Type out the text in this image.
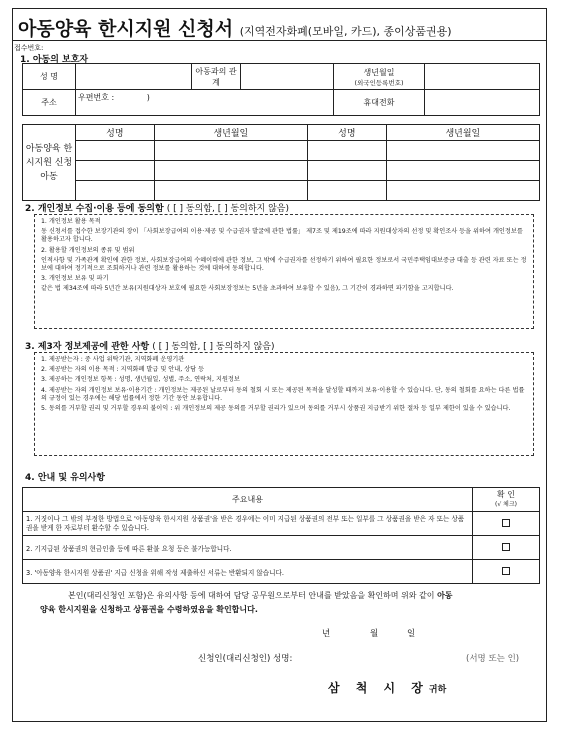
아동양육 한시지원 신청서 (지역전자화폐(모바일, 카드), 종이상품권용)
접수번호:
1. 아동의 보호자
성 명		아동과의 관계		생년월일
(외국인등록번호)	
주소	우편번호 : )			휴대전화	
아동양육 한시지원 신청아동	성명	생년월일	성명	생년월일

2. 개인정보 수집·이용 등에 동의함 ( [ ] 동의함, [ ] 동의하지 않음)

1. 개인정보 활용 목적

동 신청서를 접수한 보장기관의 장이 「사회보장급여의 이용·제공 및 수급권자 발굴에 관한 법률」 제7조 및 제19조에 따라 지원대상자의 선정 및 확인조사 등을 위하여 개인정보를 활용하고자 합니다.

2. 활용할 개인정보의 종류 및 범위

인적사항 및 가족관계 확인에 관한 정보, 사회보장급여의 수혜이력에 관한 정보, 그 밖에 수급권자를 선정하기 위하여 필요한 정보로서 국민주택임대보증금 대출 등 관련 자료 또는 정보에 대하여 정기적으로 조회하거나 관련 정보를 활용하는 것에 대하여 동의합니다.

3. 개인정보 보유 및 파기

같은 법 제34조에 따라 5년간 보유(지원대상자 보호에 필요한 사회보장정보는 5년을 초과하여 보유할 수 있음), 그 기간이 경과하면 파기함을 고지합니다.

3. 제3자 정보제공에 관한 사항 ( [ ] 동의함, [ ] 동의하지 않음)

1. 제공받는자 : 중 사업 위탁기관, 지역화폐 운영기관

2. 제공받는 자의 이용 목적 : 지역화폐 발급 및 안내, 상담 등

3. 제공하는 개인정보 항목 : 성명, 생년월일, 성별, 주소, 연락처, 지원정보

4. 제공받는 자의 개인정보 보유·이용기간 : 개인정보는 제공된 날로부터 동의 철회 시 또는 제공된 목적을 달성할 때까지 보유·이용할 수 있습니다. 단, 동의 철회를 요하는 다른 법률의 규정이 있는 경우에는 해당 법률에서 정한 기간 동안 보유합니다.

5. 동의를 거부할 권리 및 거부할 경우의 불이익 : 위 개인정보의 제공 동의를 거부할 권리가 있으며 동의를 거부시 상품권 지급받기 위한 절차 등 일부 제한이 있을 수 있습니다.

4. 안내 및 유의사항
주요내용	확 인
(√ 체크)
1. 거짓이나 그 밖의 부정한 방법으로 '아동양육 한시지원 상품권'을 받은 경우에는 이미 지급된 상품권의 전부 또는 일부를 그 상품권을 받은 자 또는 상품권을 받게 한 자로부터 환수할 수 있습니다.	
2. 기지급된 상품권의 현금인출 등에 따른 환불 요청 등은 불가능합니다.	
3. '아동양육 한시지원 상품권' 지급 신청을 위해 작성 제출하신 서류는 반환되지 않습니다.	
본인(대리신청인 포함)은 유의사항 등에 대하여 담당 공무원으로부터 안내를 받았음을 확인하며 위와 같이 아동
양육 한시지원을 신청하고 상품권을 수령하였음을 확인합니다.
년	월	일
신청인(대리신청인) 성명:	(서명 또는 인)
삼 척 시 장귀하
